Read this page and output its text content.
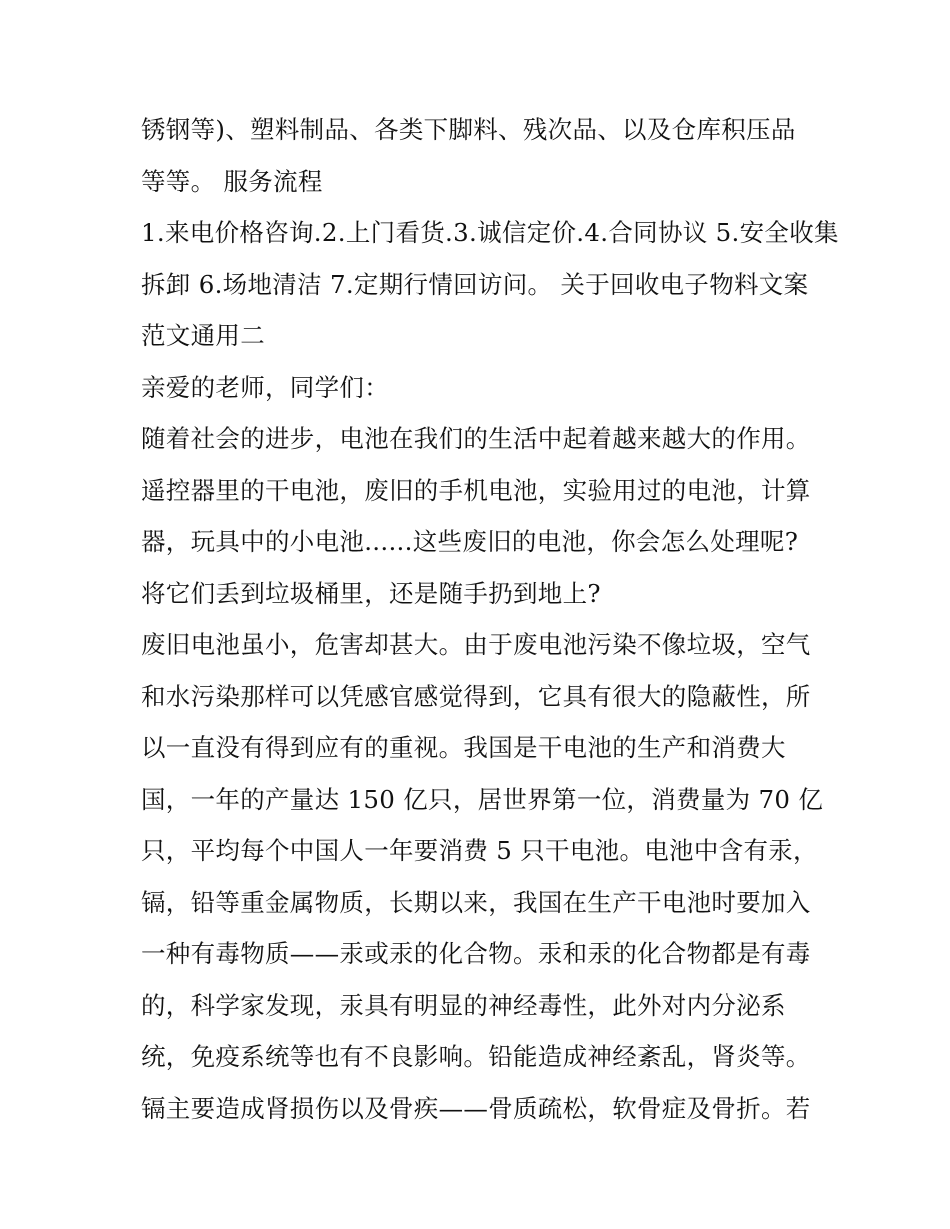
锈钢等)、塑料制品、各类下脚料、残次品、以及仓库积压品
等等。 服务流程
1.来电价格咨询.2.上门看货.3.诚信定价.4.合同协议 5.安全收集
拆卸 6.场地清洁 7.定期行情回访问。 关于回收电子物料文案
范文通用二
亲爱的老师，同学们：
随着社会的进步，电池在我们的生活中起着越来越大的作用。
遥控器里的干电池，废旧的手机电池，实验用过的电池，计算
器，玩具中的小电池......这些废旧的电池，你会怎么处理呢?
将它们丢到垃圾桶里，还是随手扔到地上?
废旧电池虽小，危害却甚大。由于废电池污染不像垃圾，空气
和水污染那样可以凭感官感觉得到，它具有很大的隐蔽性，所
以一直没有得到应有的重视。我国是干电池的生产和消费大
国，一年的产量达 150 亿只，居世界第一位，消费量为 70 亿
只，平均每个中国人一年要消费 5 只干电池。电池中含有汞，
镉，铅等重金属物质，长期以来，我国在生产干电池时要加入
一种有毒物质——汞或汞的化合物。汞和汞的化合物都是有毒
的，科学家发现，汞具有明显的神经毒性，此外对内分泌系
统，免疫系统等也有不良影响。铅能造成神经紊乱，肾炎等。
镉主要造成肾损伤以及骨疾——骨质疏松，软骨症及骨折。若
